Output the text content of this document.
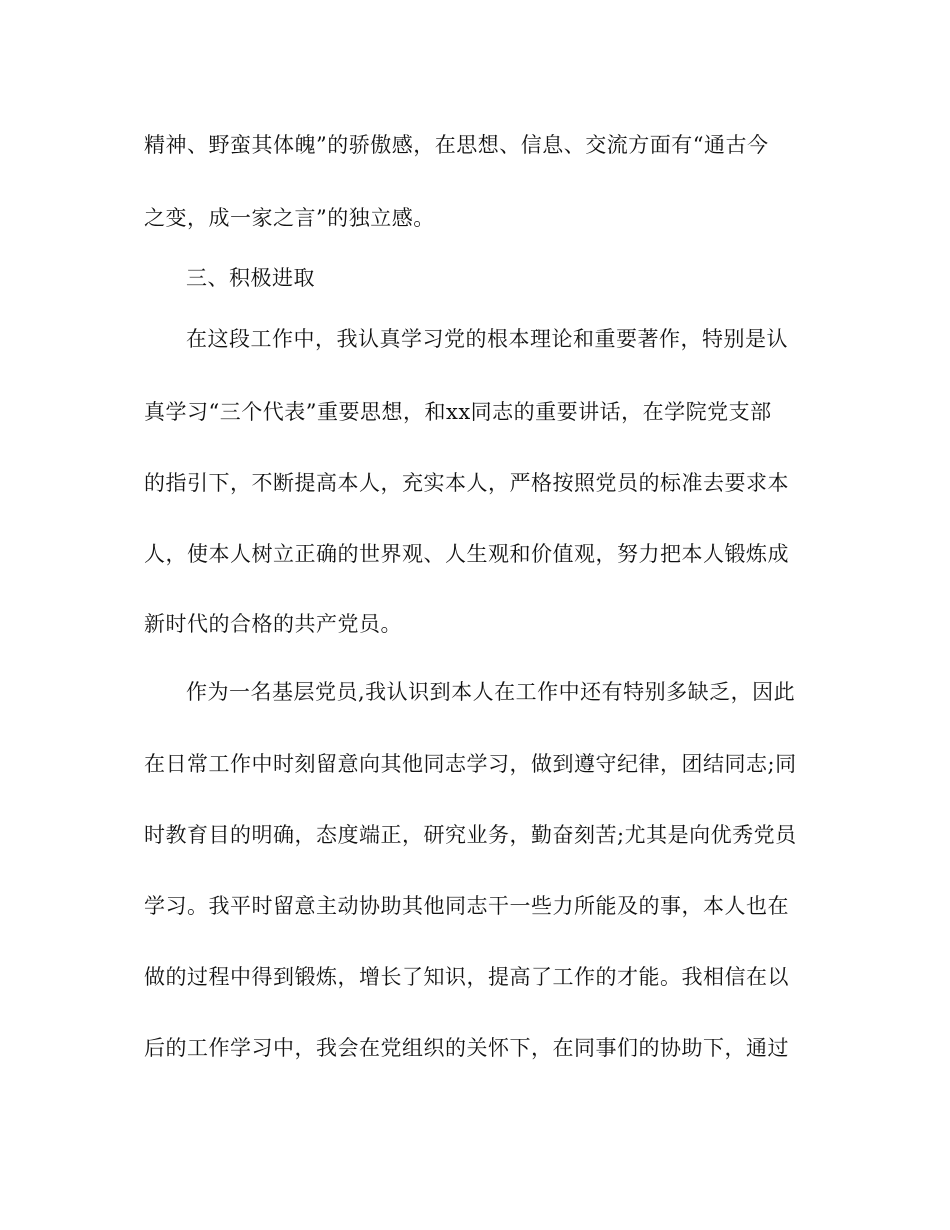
精神、野蛮其体魄”的骄傲感，在思想、信息、交流方面有“通古今
之变，成一家之言”的独立感。
三、积极进取
在这段工作中，我认真学习党的根本理论和重要著作，特别是认
真学习“三个代表”重要思想，和xx同志的重要讲话，在学院党支部
的指引下，不断提高本人，充实本人，严格按照党员的标准去要求本
人，使本人树立正确的世界观、人生观和价值观，努力把本人锻炼成
新时代的合格的共产党员。
作为一名基层党员,我认识到本人在工作中还有特别多缺乏，因此
在日常工作中时刻留意向其他同志学习，做到遵守纪律，团结同志;同
时教育目的明确，态度端正，研究业务，勤奋刻苦;尤其是向优秀党员
学习。我平时留意主动协助其他同志干一些力所能及的事，本人也在
做的过程中得到锻炼，增长了知识，提高了工作的才能。我相信在以
后的工作学习中，我会在党组织的关怀下，在同事们的协助下，通过
